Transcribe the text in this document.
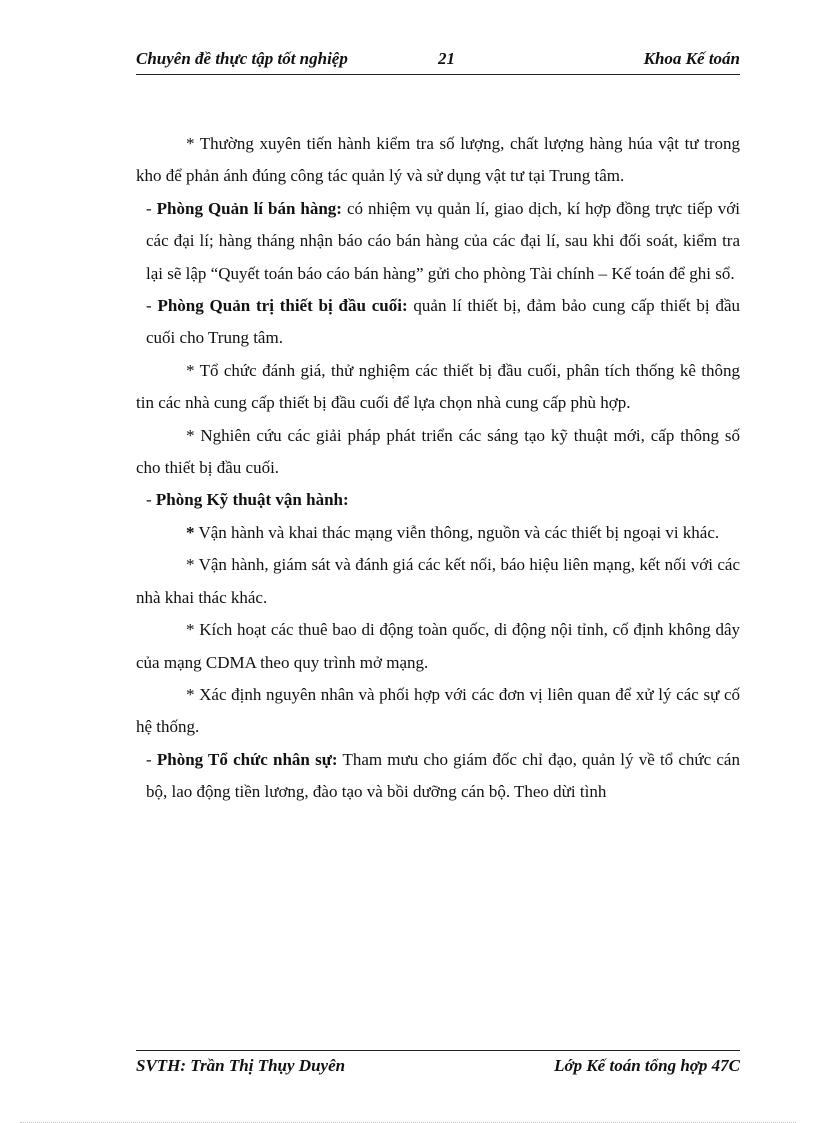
Chuyên đề thực tập tốt nghiệp	21	Khoa Kế toán

* Thường xuyên tiến hành kiểm tra số lượng, chất lượng hàng húa vật tư trong kho để phản ánh đúng công tác quản lý và sử dụng vật tư tại Trung tâm.

- Phòng Quản lí bán hàng: có nhiệm vụ quản lí, giao dịch, kí hợp đồng trực tiếp với các đại lí; hàng tháng nhận báo cáo bán hàng của các đại lí, sau khi đối soát, kiểm tra lại sẽ lập “Quyết toán báo cáo bán hàng” gửi cho phòng Tài chính – Kế toán để ghi sổ.

- Phòng Quản trị thiết bị đầu cuối: quản lí thiết bị, đảm bảo cung cấp thiết bị đầu cuối cho Trung tâm.

* Tổ chức đánh giá, thử nghiệm các thiết bị đầu cuối, phân tích thống kê thông tin các nhà cung cấp thiết bị đầu cuối để lựa chọn nhà cung cấp phù hợp.

* Nghiên cứu các giải pháp phát triển các sáng tạo kỹ thuật mới, cấp thông số cho thiết bị đầu cuối.

- Phòng Kỹ thuật vận hành:

* Vận hành và khai thác mạng viễn thông, nguồn và các thiết bị ngoại vi khác.

* Vận hành, giám sát và đánh giá các kết nối, báo hiệu liên mạng, kết nối với các nhà khai thác khác.

* Kích hoạt các thuê bao di động toàn quốc, di động nội tỉnh, cố định không dây của mạng CDMA theo quy trình mở mạng.

* Xác định nguyên nhân và phối hợp với các đơn vị liên quan để xử lý các sự cố hệ thống.

- Phòng Tổ chức nhân sự: Tham mưu cho giám đốc chỉ đạo, quản lý về tổ chức cán bộ, lao động tiền lương, đào tạo và bồi dưỡng cán bộ. Theo dừi tình

SVTH: Trần Thị Thụy Duyên	Lớp Kế toán tổng hợp 47C
